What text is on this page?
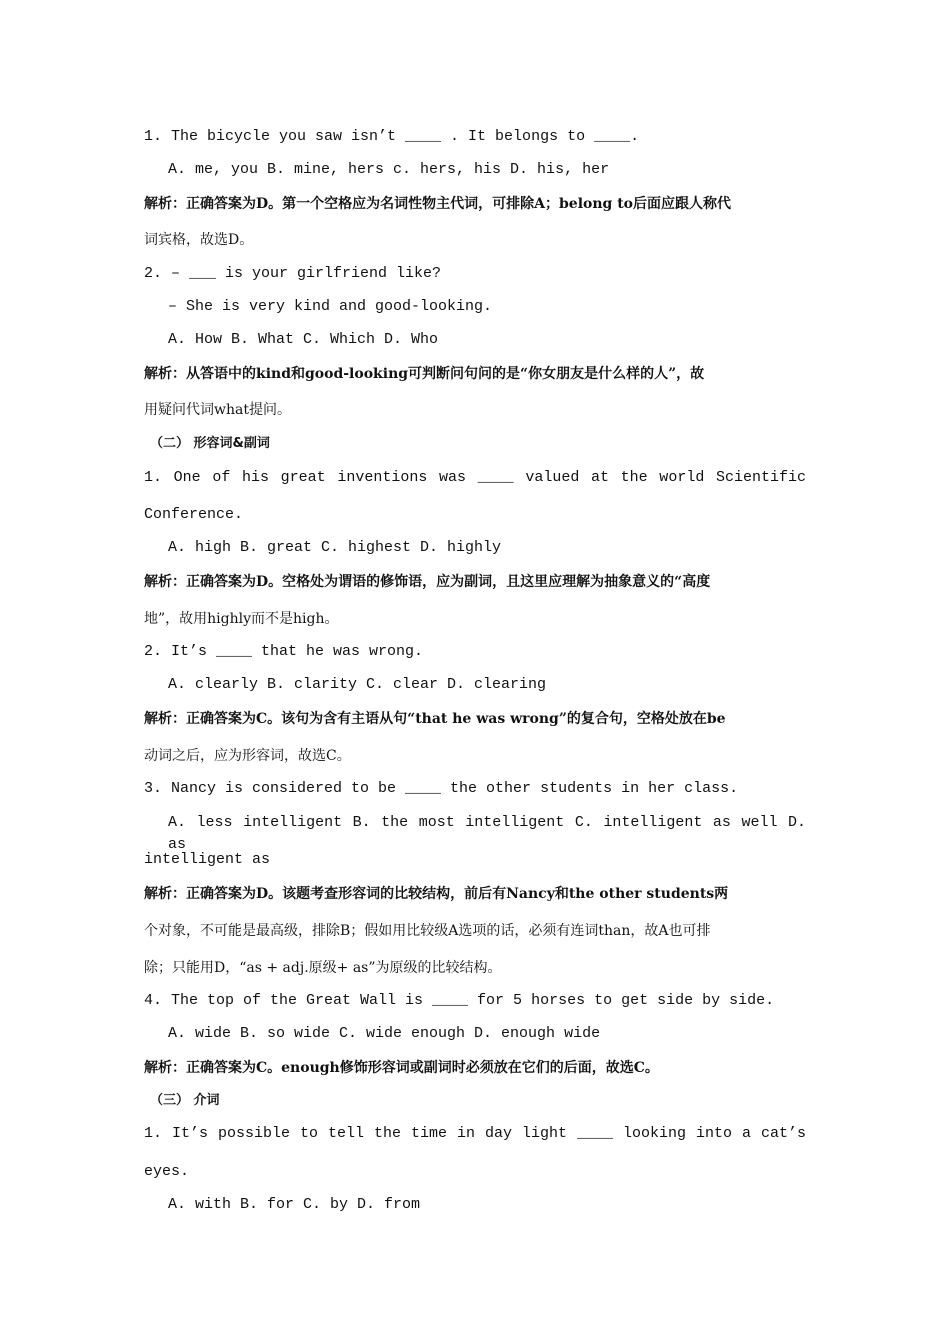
1. The bicycle you saw isn’t ____ . It belongs to ____.
A. me, you B. mine, hers c. hers, his D. his, her
解析：正确答案为D。第一个空格应为名词性物主代词，可排除A；belong to后面应跟人称代
词宾格，故选D。
2. – ___ is your girlfriend like?
– She is very kind and good-looking.
A. How B. What C. Which D. Who
解析：从答语中的kind和good-looking可判断问句问的是“你女朋友是什么样的人”，故
用疑问代词what提问。
（二） 形容词&副词
1. One of his great inventions was ____ valued at the world Scientific
Conference.
A. high B. great C. highest D. highly
解析：正确答案为D。空格处为谓语的修饰语，应为副词，且这里应理解为抽象意义的“高度
地”，故用highly而不是high。
2. It’s ____ that he was wrong.
A. clearly B. clarity C. clear D. clearing
解析：正确答案为C。该句为含有主语从句“that he was wrong”的复合句，空格处放在be
动词之后，应为形容词，故选C。
3. Nancy is considered to be ____ the other students in her class.
A. less intelligent B. the most intelligent C. intelligent as well D. as
intelligent as
解析：正确答案为D。该题考查形容词的比较结构，前后有Nancy和the other students两
个对象，不可能是最高级，排除B；假如用比较级A选项的话，必须有连词than，故A也可排
除；只能用D，“as + adj.原级+ as”为原级的比较结构。
4. The top of the Great Wall is ____ for 5 horses to get side by side.
A. wide B. so wide C. wide enough D. enough wide
解析：正确答案为C。enough修饰形容词或副词时必须放在它们的后面，故选C。
（三） 介词
1. It’s possible to tell the time in day light ____ looking into a cat’s
eyes.
A. with B. for C. by D. from
